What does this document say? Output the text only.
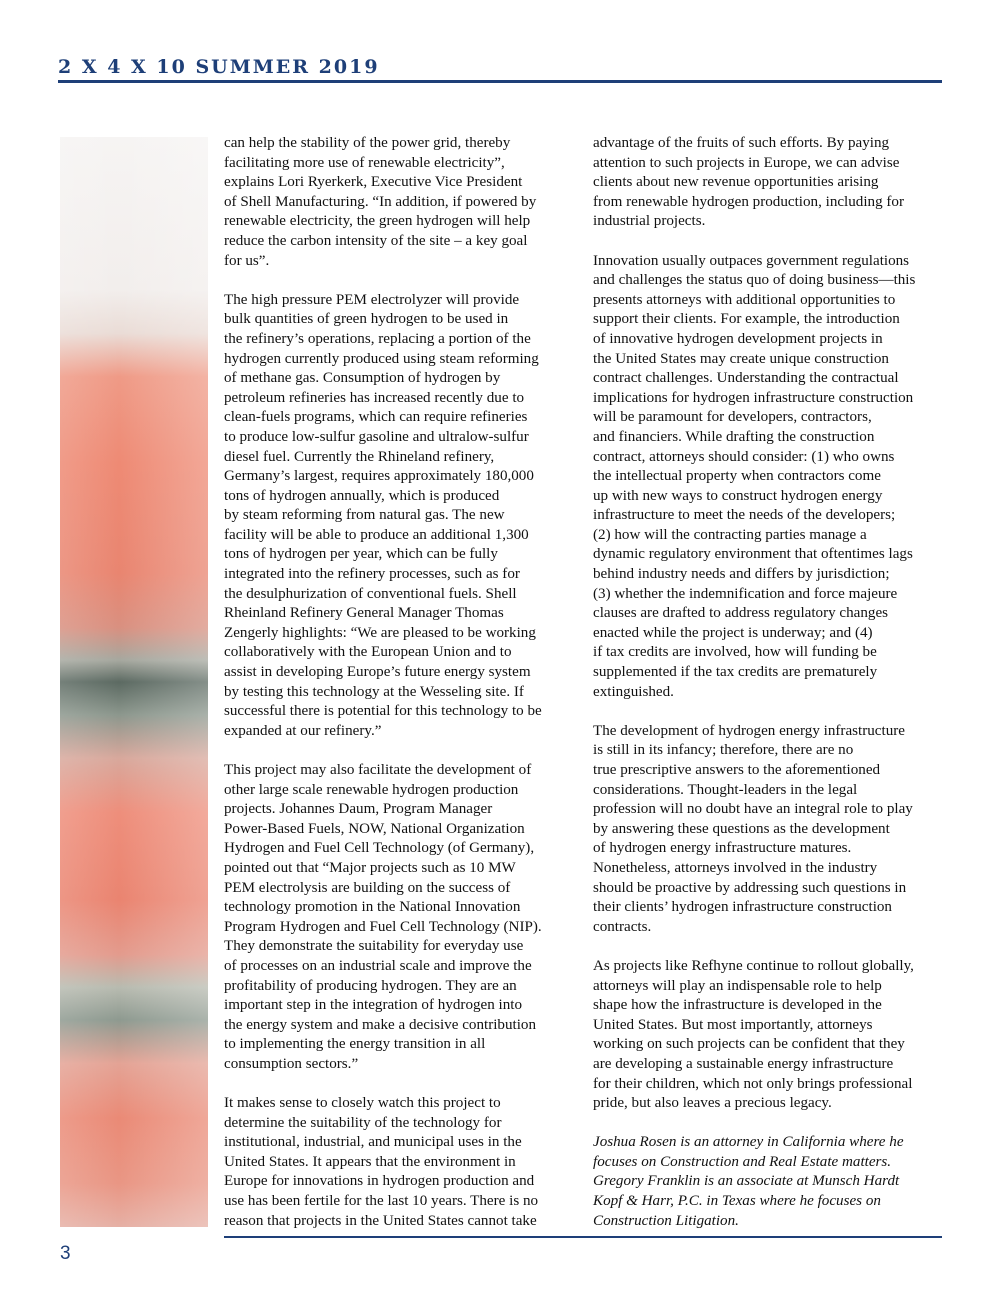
2 X 4 X 10 SUMMER 2019

can help the stability of the power grid, thereby
facilitating more use of renewable electricity”,
explains Lori Ryerkerk, Executive Vice President
of Shell Manufacturing. “In addition, if powered by
renewable electricity, the green hydrogen will help
reduce the carbon intensity of the site – a key goal
for us”.

The high pressure PEM electrolyzer will provide
bulk quantities of green hydrogen to be used in
the refinery’s operations, replacing a portion of the
hydrogen currently produced using steam reforming
of methane gas. Consumption of hydrogen by
petroleum refineries has increased recently due to
clean-fuels programs, which can require refineries
to produce low-sulfur gasoline and ultralow-sulfur
diesel fuel. Currently the Rhineland refinery,
Germany’s largest, requires approximately 180,000
tons of hydrogen annually, which is produced
by steam reforming from natural gas. The new
facility will be able to produce an additional 1,300
tons of hydrogen per year, which can be fully
integrated into the refinery processes, such as for
the desulphurization of conventional fuels. Shell
Rheinland Refinery General Manager Thomas
Zengerly highlights: “We are pleased to be working
collaboratively with the European Union and to
assist in developing Europe’s future energy system
by testing this technology at the Wesseling site. If
successful there is potential for this technology to be
expanded at our refinery.”

This project may also facilitate the development of
other large scale renewable hydrogen production
projects. Johannes Daum, Program Manager
Power-Based Fuels, NOW, National Organization
Hydrogen and Fuel Cell Technology (of Germany),
pointed out that “Major projects such as 10 MW
PEM electrolysis are building on the success of
technology promotion in the National Innovation
Program Hydrogen and Fuel Cell Technology (NIP).
They demonstrate the suitability for everyday use
of processes on an industrial scale and improve the
profitability of producing hydrogen. They are an
important step in the integration of hydrogen into
the energy system and make a decisive contribution
to implementing the energy transition in all
consumption sectors.”

It makes sense to closely watch this project to
determine the suitability of the technology for
institutional, industrial, and municipal uses in the
United States. It appears that the environment in
Europe for innovations in hydrogen production and
use has been fertile for the last 10 years. There is no
reason that projects in the United States cannot take

advantage of the fruits of such efforts. By paying
attention to such projects in Europe, we can advise
clients about new revenue opportunities arising
from renewable hydrogen production, including for
industrial projects.

Innovation usually outpaces government regulations
and challenges the status quo of doing business—this
presents attorneys with additional opportunities to
support their clients. For example, the introduction
of innovative hydrogen development projects in
the United States may create unique construction
contract challenges. Understanding the contractual
implications for hydrogen infrastructure construction
will be paramount for developers, contractors,
and financiers. While drafting the construction
contract, attorneys should consider: (1) who owns
the intellectual property when contractors come
up with new ways to construct hydrogen energy
infrastructure to meet the needs of the developers;
(2) how will the contracting parties manage a
dynamic regulatory environment that oftentimes lags
behind industry needs and differs by jurisdiction;
(3) whether the indemnification and force majeure
clauses are drafted to address regulatory changes
enacted while the project is underway; and (4)
if tax credits are involved, how will funding be
supplemented if the tax credits are prematurely
extinguished.

The development of hydrogen energy infrastructure
is still in its infancy; therefore, there are no
true prescriptive answers to the aforementioned
considerations. Thought-leaders in the legal
profession will no doubt have an integral role to play
by answering these questions as the development
of hydrogen energy infrastructure matures.
Nonetheless, attorneys involved in the industry
should be proactive by addressing such questions in
their clients’ hydrogen infrastructure construction
contracts.

As projects like Refhyne continue to rollout globally,
attorneys will play an indispensable role to help
shape how the infrastructure is developed in the
United States. But most importantly, attorneys
working on such projects can be confident that they
are developing a sustainable energy infrastructure
for their children, which not only brings professional
pride, but also leaves a precious legacy.

Joshua Rosen is an attorney in California where he
focuses on Construction and Real Estate matters.
Gregory Franklin is an associate at Munsch Hardt
Kopf & Harr, P.C. in Texas where he focuses on
Construction Litigation.

3
